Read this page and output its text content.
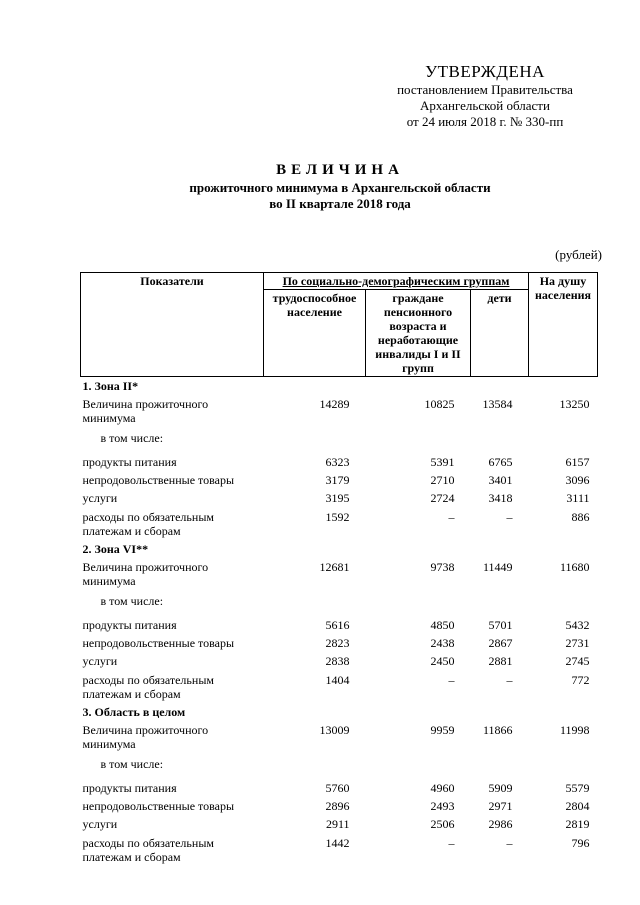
УТВЕРЖДЕНА
постановлением Правительства
Архангельской области
от 24 июля 2018 г. № 330-пп
ВЕЛИЧИНА
прожиточного минимума в Архангельской области
во II квартале 2018 года
(рублей)
Показатели	По социально-демографическим группам			На душу населения
	трудоспособное население	граждане пенсионного возраста и неработающие инвалиды I и II групп	дети	
1. Зона II*				
Величина прожиточного минимума	14289	10825	13584	13250
в том числе:				
продукты питания	6323	5391	6765	6157
непродовольственные товары	3179	2710	3401	3096
услуги	3195	2724	3418	3111
расходы по обязательным платежам и сборам	1592	–	–	886
2. Зона VI**				
Величина прожиточного минимума	12681	9738	11449	11680
в том числе:				
продукты питания	5616	4850	5701	5432
непродовольственные товары	2823	2438	2867	2731
услуги	2838	2450	2881	2745
расходы по обязательным платежам и сборам	1404	–	–	772
3. Область в целом				
Величина прожиточного минимума	13009	9959	11866	11998
в том числе:				
продукты питания	5760	4960	5909	5579
непродовольственные товары	2896	2493	2971	2804
услуги	2911	2506	2986	2819
расходы по обязательным платежам и сборам	1442	–	–	796
